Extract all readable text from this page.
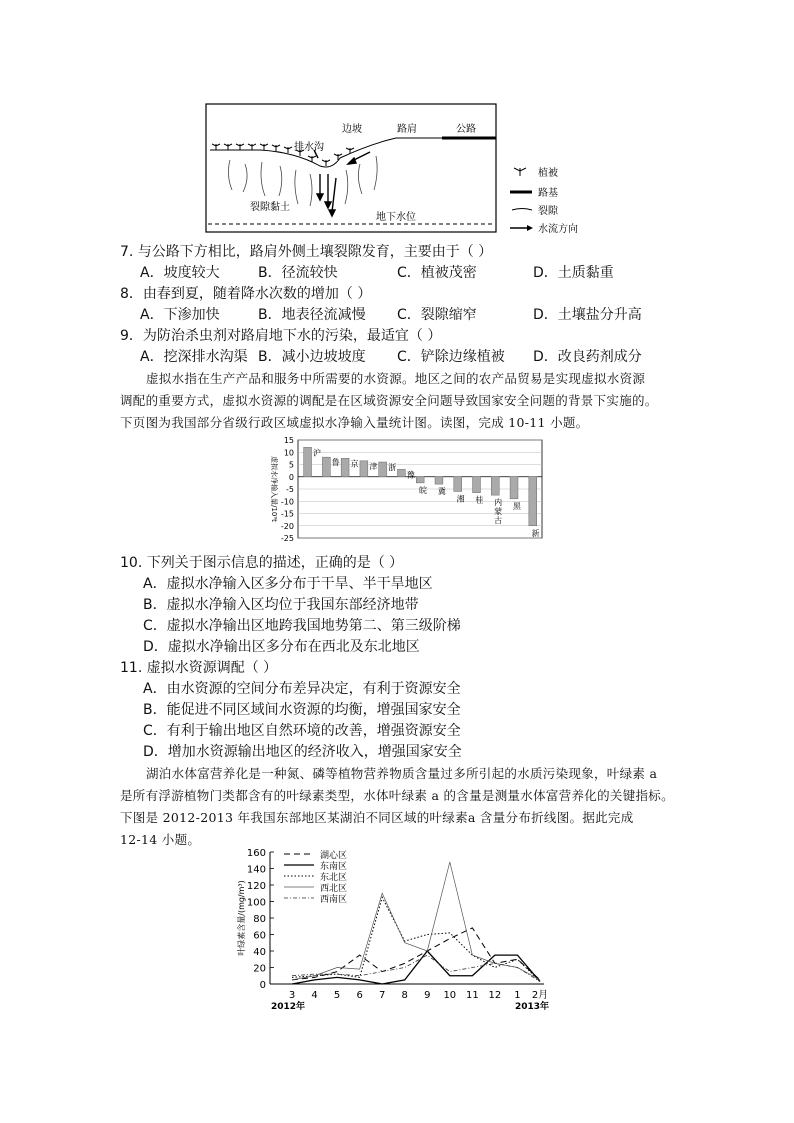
边坡	路肩	公路
排水沟
裂隙黏土
地下水位
植被
路基
裂隙
水流方向
7. 与公路下方相比，路肩外侧土壤裂隙发育，主要由于（ ）
A．坡度较大	B．径流较快	C．植被茂密	D．土质黏重
8．由春到夏，随着降水次数的增加（ ）
A．下渗加快	B．地表径流减慢 C．裂隙缩窄	D．土壤盐分升高
9．为防治杀虫剂对路肩地下水的污染，最适宜（ ）
A．挖深排水沟渠 B．减小边坡坡度 C．铲除边缘植被 D．改良药剂成分
虚拟水指在生产产品和服务中所需要的水资源。地区之间的农产品贸易是实现虚拟水资源
调配的重要方式，虚拟水资源的调配是在区域资源安全问题导致国家安全问题的背景下实施的。
下页图为我国部分省级行政区域虚拟水净输入量统计图。读图，完成 10-11 小题。
15
10
5
0
-5
-10
-15
-20
-25
虚拟水净输入量/10⁹t
沪
鲁 京 津 浙
豫
皖 冀
湘 桂 内蒙古
黑
新
10. 下列关于图示信息的描述，正确的是（ ）
A．虚拟水净输入区多分布于干旱、半干旱地区
B．虚拟水净输入区均位于我国东部经济地带
C．虚拟水净输出区地跨我国地势第二、第三级阶梯
D．虚拟水净输出区多分布在西北及东北地区
11. 虚拟水资源调配（ ）
A．由水资源的空间分布差异决定，有利于资源安全
B．能促进不同区域间水资源的均衡，增强国家安全
C．有利于输出地区自然环境的改善，增强资源安全
D．增加水资源输出地区的经济收入，增强国家安全
湖泊水体富营养化是一种氮、磷等植物营养物质含量过多所引起的水质污染现象，叶绿素 a
是所有浮游植物门类都含有的叶绿素类型，水体叶绿素 a 的含量是测量水体富营养化的关键指标。
下图是 2012-2013 年我国东部地区某湖泊不同区域的叶绿素a 含量分布折线图。据此完成
12-14 小题。
0
20
40
60
80
100
120
140
160
3 4 5 6 7 8 9 10 11 12 1 2月
2012年	2013年
叶绿素含量/(mg/m³)
湖心区
东南区
东北区
西北区
西南区
